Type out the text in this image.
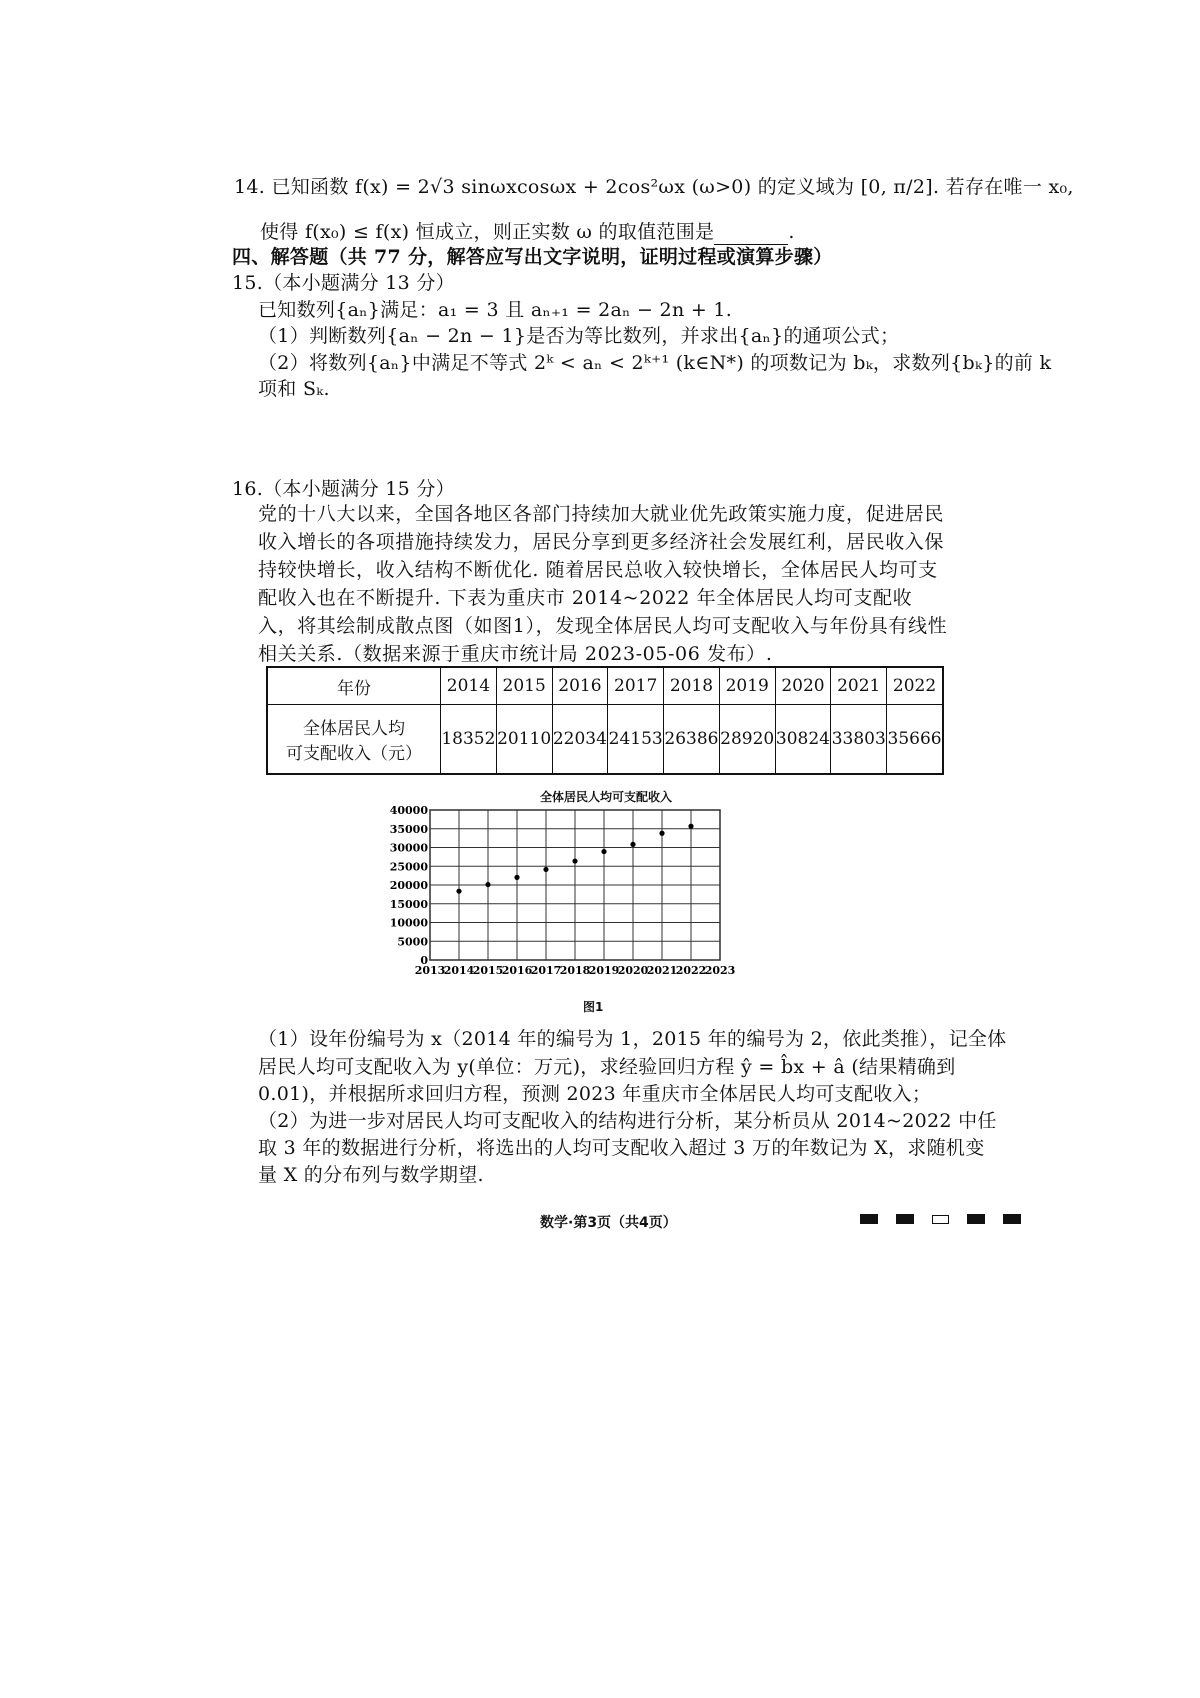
14. 已知函数 f(x) = 2√3 sinωxcosωx + 2cos²ωx (ω>0) 的定义域为 [0, π/2]. 若存在唯一 x₀,
使得 f(x₀) ≤ f(x) 恒成立，则正实数 ω 的取值范围是	.
四、解答题（共 77 分，解答应写出文字说明，证明过程或演算步骤）
15.（本小题满分 13 分）
已知数列{aₙ}满足：a₁ = 3 且 aₙ₊₁ = 2aₙ − 2n + 1.
（1）判断数列{aₙ − 2n − 1}是否为等比数列，并求出{aₙ}的通项公式；
（2）将数列{aₙ}中满足不等式 2ᵏ < aₙ < 2ᵏ⁺¹ (k∈N*) 的项数记为 bₖ，求数列{bₖ}的前 k
项和 Sₖ.
16.（本小题满分 15 分）
党的十八大以来，全国各地区各部门持续加大就业优先政策实施力度，促进居民收入增长的各项措施持续发力，居民分享到更多经济社会发展红利，居民收入保持较快增长，收入结构不断优化. 随着居民总收入较快增长，全体居民人均可支配收入也在不断提升. 下表为重庆市 2014~2022 年全体居民人均可支配收入，将其绘制成散点图（如图1），发现全体居民人均可支配收入与年份具有线性相关关系.（数据来源于重庆市统计局 2023-05-06 发布）.
年份	2014	2015	2016	2017	2018	2019	2020	2021	2022

全体居民人均
可支配收入（元）	18352	20110	22034	24153	26386	28920	30824	33803	35666
全体居民人均可支配收入
2013
2014
2015
2016
2017
2018
2019
2020
2021
2022
2023
0
5000
10000
15000
20000
25000
30000
35000
40000
图1
（1）设年份编号为 x（2014 年的编号为 1，2015 年的编号为 2，依此类推），记全体
居民人均可支配收入为 y(单位：万元)，求经验回归方程 ŷ = b̂x + â (结果精确到
0.01)，并根据所求回归方程，预测 2023 年重庆市全体居民人均可支配收入；
（2）为进一步对居民人均可支配收入的结构进行分析，某分析员从 2014~2022 中任
取 3 年的数据进行分析，将选出的人均可支配收入超过 3 万的年数记为 X，求随机变
量 X 的分布列与数学期望.
数学·第3页（共4页）
